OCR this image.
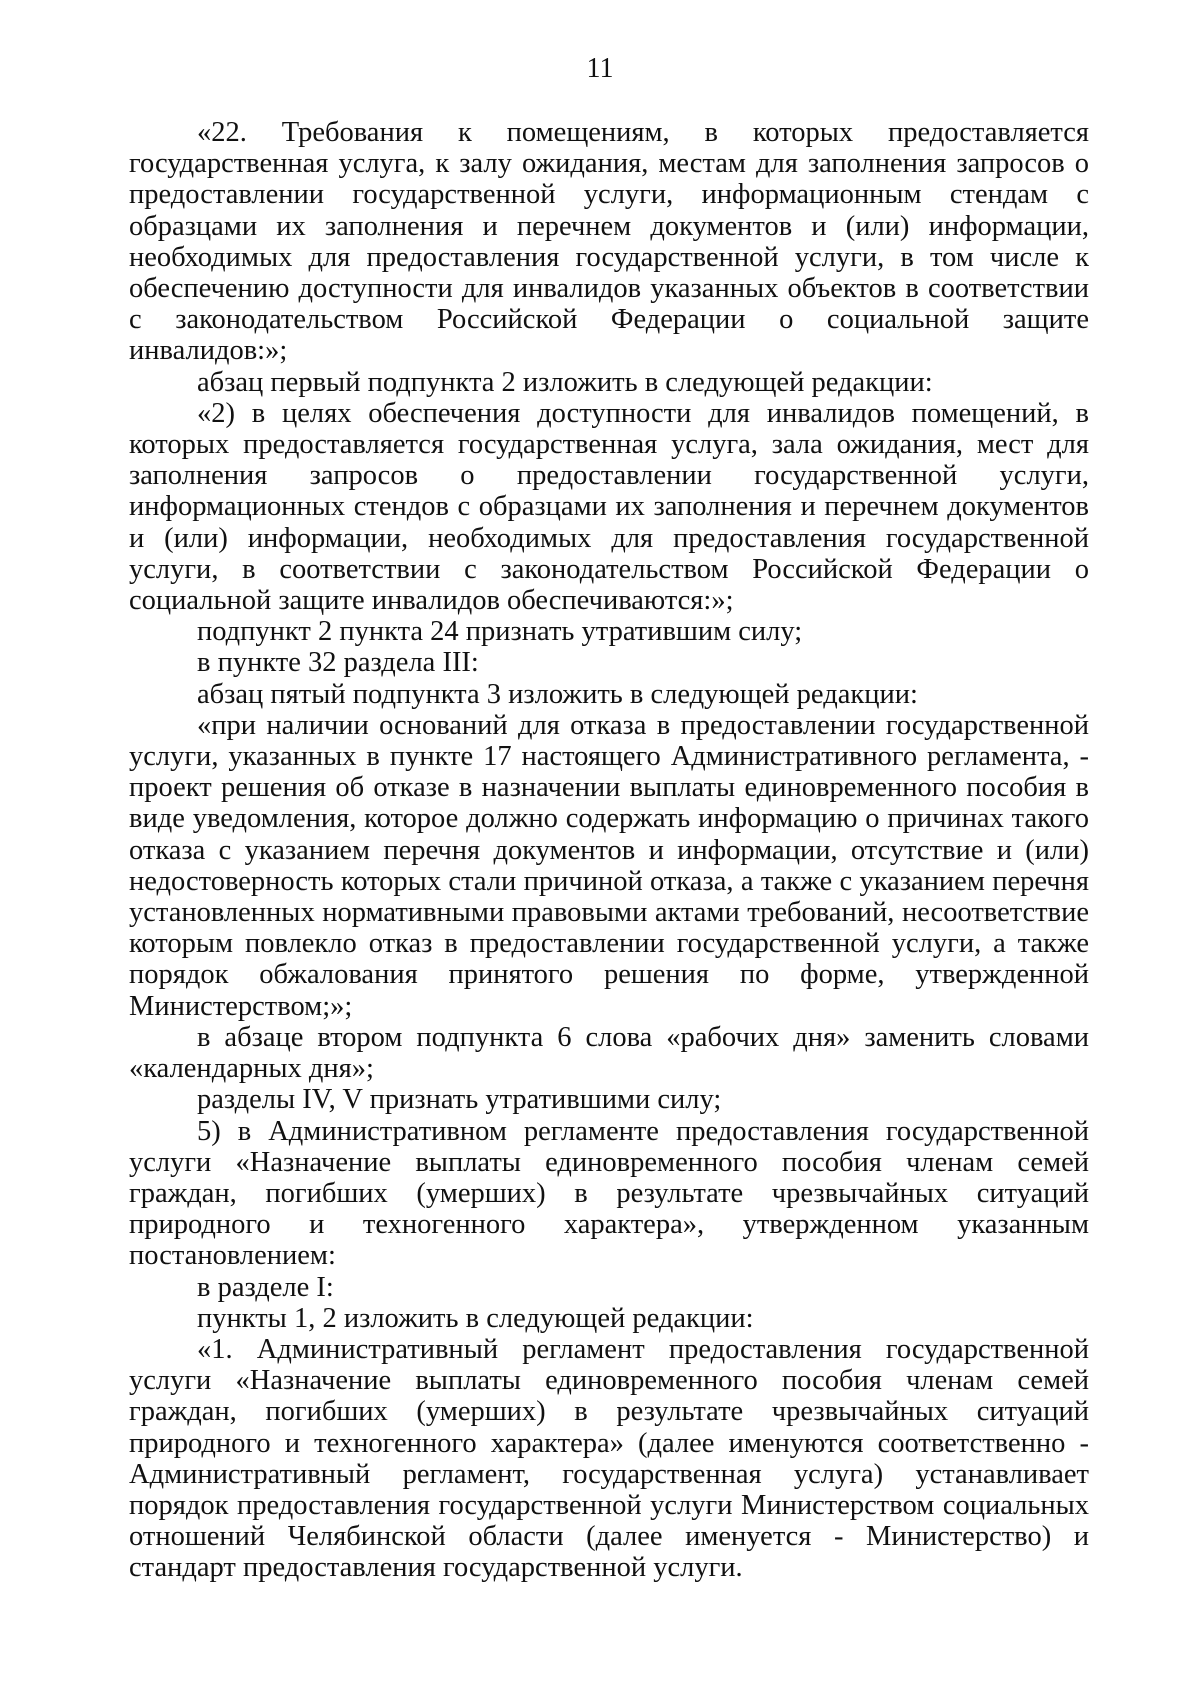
11

«22. Требования к помещениям, в которых предоставляется государственная услуга, к залу ожидания, местам для заполнения запросов о предоставлении государственной услуги, информационным стендам с образцами их заполнения и перечнем документов и (или) информации, необходимых для предоставления государственной услуги, в том числе к обеспечению доступности для инвалидов указанных объектов в соответствии с законодательством Российской Федерации о социальной защите инвалидов:»;

абзац первый подпункта 2 изложить в следующей редакции:

«2) в целях обеспечения доступности для инвалидов помещений, в которых предоставляется государственная услуга, зала ожидания, мест для заполнения запросов о предоставлении государственной услуги, информационных стендов с образцами их заполнения и перечнем документов и (или) информации, необходимых для предоставления государственной услуги, в соответствии с законодательством Российской Федерации о социальной защите инвалидов обеспечиваются:»;

подпункт 2 пункта 24 признать утратившим силу;

в пункте 32 раздела III:

абзац пятый подпункта 3 изложить в следующей редакции:

«при наличии оснований для отказа в предоставлении государственной услуги, указанных в пункте 17 настоящего Административного регламента, - проект решения об отказе в назначении выплаты единовременного пособия в виде уведомления, которое должно содержать информацию о причинах такого отказа с указанием перечня документов и информации, отсутствие и (или) недостоверность которых стали причиной отказа, а также с указанием перечня установленных нормативными правовыми актами требований, несоответствие которым повлекло отказ в предоставлении государственной услуги, а также порядок обжалования принятого решения по форме, утвержденной Министерством;»;

в абзаце втором подпункта 6 слова «рабочих дня» заменить словами «календарных дня»;

разделы IV, V признать утратившими силу;

5) в Административном регламенте предоставления государственной услуги «Назначение выплаты единовременного пособия членам семей граждан, погибших (умерших) в результате чрезвычайных ситуаций природного и техногенного характера», утвержденном указанным постановлением:

в разделе I:

пункты 1, 2 изложить в следующей редакции:

«1. Административный регламент предоставления государственной услуги «Назначение выплаты единовременного пособия членам семей граждан, погибших (умерших) в результате чрезвычайных ситуаций природного и техногенного характера» (далее именуются соответственно - Административный регламент, государственная услуга) устанавливает порядок предоставления государственной услуги Министерством социальных отношений Челябинской области (далее именуется - Министерство) и стандарт предоставления государственной услуги.
